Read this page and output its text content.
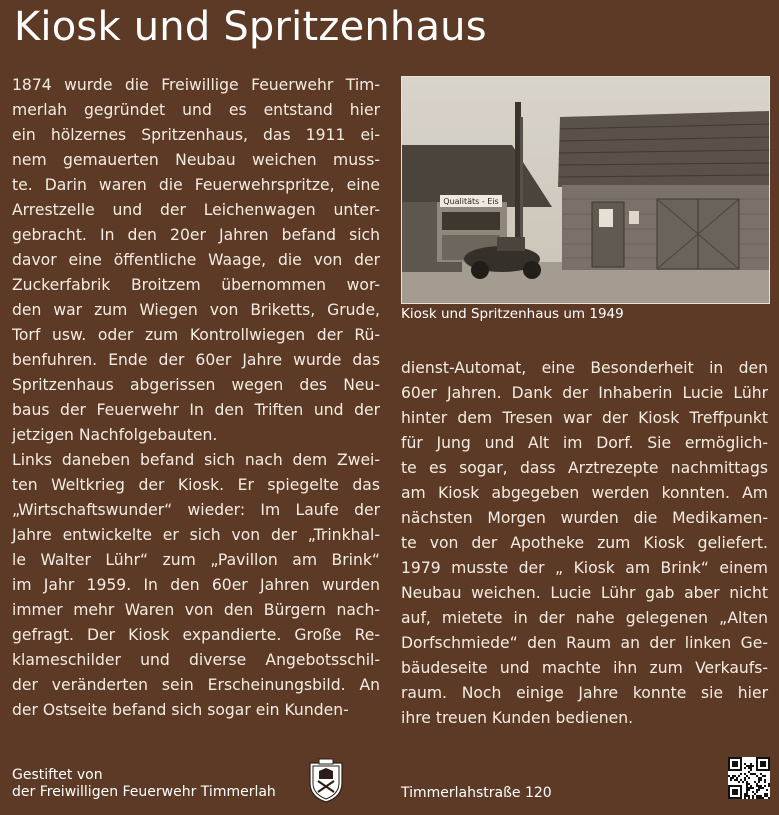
Kiosk und Spritzenhaus
1874 wurde die Freiwillige Feuerwehr Tim-
merlah gegründet und es entstand hier
ein hölzernes Spritzenhaus, das 1911 ei-
nem gemauerten Neubau weichen muss-
te. Darin waren die Feuerwehrspritze, eine
Arrestzelle und der Leichenwagen unter-
gebracht. In den 20er Jahren befand sich
davor eine öffentliche Waage, die von der
Zuckerfabrik Broitzem übernommen wor-
den war zum Wiegen von Briketts, Grude,
Torf usw. oder zum Kontrollwiegen der Rü-
benfuhren. Ende der 60er Jahre wurde das
Spritzenhaus abgerissen wegen des Neu-
baus der Feuerwehr In den Triften und der
jetzigen Nachfolgebauten.
Links daneben befand sich nach dem Zwei-
ten Weltkrieg der Kiosk. Er spiegelte das
„Wirtschaftswunder“ wieder: Im Laufe der
Jahre entwickelte er sich von der „Trinkhal-
le Walter Lühr“ zum „Pavillon am Brink“
im Jahr 1959. In den 60er Jahren wurden
immer mehr Waren von den Bürgern nach-
gefragt. Der Kiosk expandierte. Große Re-
klameschilder und diverse Angebotsschil-
der veränderten sein Erscheinungsbild. An
der Ostseite befand sich sogar ein Kunden-
Qualitäts - Eis
Kiosk und Spritzenhaus um 1949
dienst-Automat, eine Besonderheit in den
60er Jahren. Dank der Inhaberin Lucie Lühr
hinter dem Tresen war der Kiosk Treffpunkt
für Jung und Alt im Dorf. Sie ermöglich-
te es sogar, dass Arztrezepte nachmittags
am Kiosk abgegeben werden konnten. Am
nächsten Morgen wurden die Medikamen-
te von der Apotheke zum Kiosk geliefert.
1979 musste der „ Kiosk am Brink“ einem
Neubau weichen. Lucie Lühr gab aber nicht
auf, mietete in der nahe gelegenen „Alten
Dorfschmiede“ den Raum an der linken Ge-
bäudeseite und machte ihn zum Verkaufs-
raum. Noch einige Jahre konnte sie hier
ihre treuen Kunden bedienen.
Gestiftet von
der Freiwilligen Feuerwehr Timmerlah	Timmerlahstraße 120
